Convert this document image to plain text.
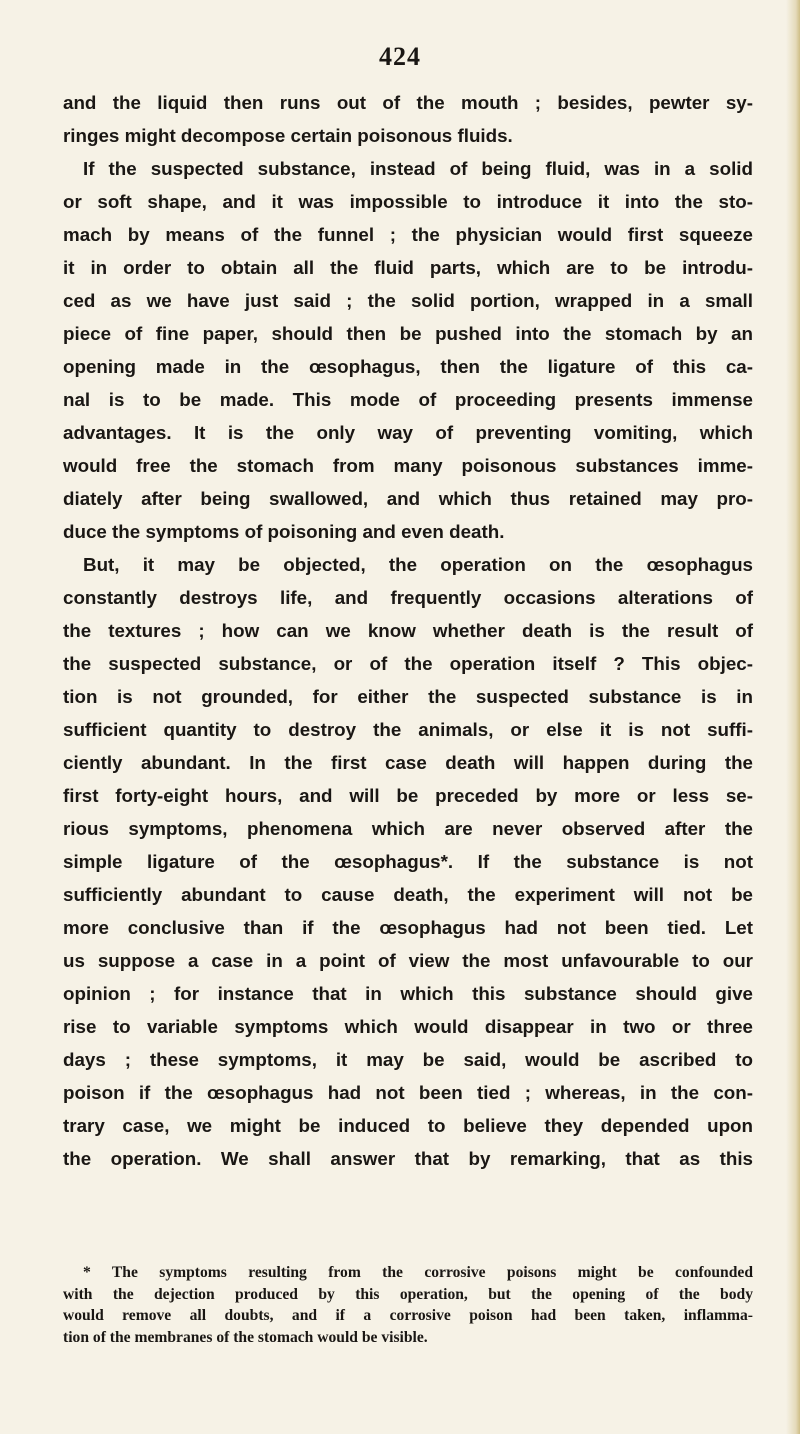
424
and the liquid then runs out of the mouth ; besides, pewter sy-
ringes might decompose certain poisonous fluids.
If the suspected substance, instead of being fluid, was in a solid
or soft shape, and it was impossible to introduce it into the sto-
mach by means of the funnel ; the physician would first squeeze
it in order to obtain all the fluid parts, which are to be introdu-
ced as we have just said ; the solid portion, wrapped in a small
piece of fine paper, should then be pushed into the stomach by an
opening made in the œsophagus, then the ligature of this ca-
nal is to be made. This mode of proceeding presents immense
advantages. It is the only way of preventing vomiting, which
would free the stomach from many poisonous substances imme-
diately after being swallowed, and which thus retained may pro-
duce the symptoms of poisoning and even death.
But, it may be objected, the operation on the œsophagus
constantly destroys life, and frequently occasions alterations of
the textures ; how can we know whether death is the result of
the suspected substance, or of the operation itself ? This objec-
tion is not grounded, for either the suspected substance is in
sufficient quantity to destroy the animals, or else it is not suffi-
ciently abundant. In the first case death will happen during the
first forty-eight hours, and will be preceded by more or less se-
rious symptoms, phenomena which are never observed after the
simple ligature of the œsophagus*. If the substance is not
sufficiently abundant to cause death, the experiment will not be
more conclusive than if the œsophagus had not been tied. Let
us suppose a case in a point of view the most unfavourable to our
opinion ; for instance that in which this substance should give
rise to variable symptoms which would disappear in two or three
days ; these symptoms, it may be said, would be ascribed to
poison if the œsophagus had not been tied ; whereas, in the con-
trary case, we might be induced to believe they depended upon
the operation. We shall answer that by remarking, that as this
* The symptoms resulting from the corrosive poisons might be confounded
with the dejection produced by this operation, but the opening of the body
would remove all doubts, and if a corrosive poison had been taken, inflamma-
tion of the membranes of the stomach would be visible.
